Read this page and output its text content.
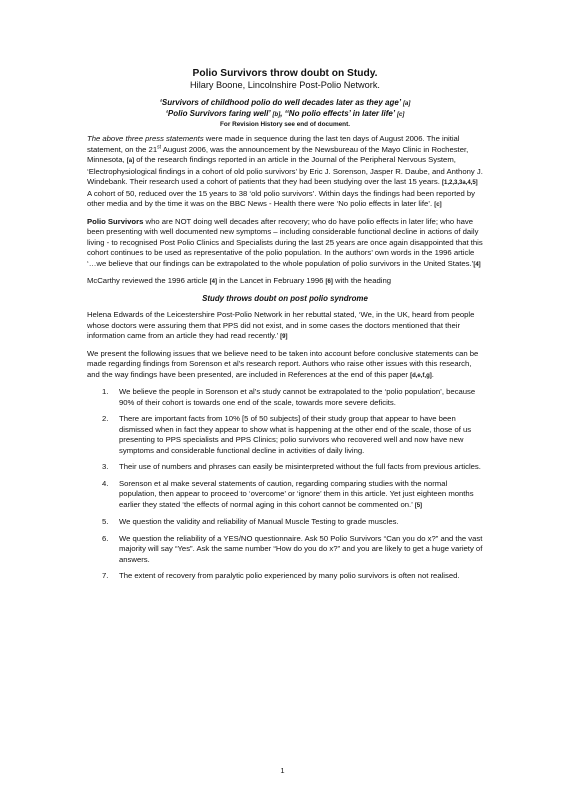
Polio Survivors throw doubt on Study.
Hilary Boone, Lincolnshire Post-Polio Network.
‘Survivors of childhood polio do well decades later as they age’ [a]
‘Polio Survivors faring well’ [b], ‘‘No polio effects’ in later life’ [c]
For Revision History see end of document.

The above three press statements were made in sequence during the last ten days of August 2006. The initial statement, on the 21st August 2006, was the announcement by the Newsbureau of the Mayo Clinic in Rochester, Minnesota, [a] of the research findings reported in an article in the Journal of the Peripheral Nervous System, ‘Electrophysiological findings in a cohort of old polio survivors’ by Eric J. Sorenson, Jasper R. Daube, and Anthony J. Windebank. Their research used a cohort of patients that they had been studying over the last 15 years. [1,2,3,3a,4,5] A cohort of 50, reduced over the 15 years to 38 ‘old polio survivors’. Within days the findings had been reported by other media and by the time it was on the BBC News - Health there were ‘No polio effects in later life’. [c]

Polio Survivors who are NOT doing well decades after recovery; who do have polio effects in later life; who have been presenting with well documented new symptoms – including considerable functional decline in actions of daily living - to recognised Post Polio Clinics and Specialists during the last 25 years are once again disappointed that this cohort continues to be used as representative of the polio population. In the authors’ own words in the 1996 article ‘…we believe that our findings can be extrapolated to the whole population of polio survivors in the United States.’[4]

McCarthy reviewed the 1996 article [4] in the Lancet in February 1996 [6] with the heading

Study throws doubt on post polio syndrome

Helena Edwards of the Leicestershire Post-Polio Network in her rebuttal stated, ‘We, in the UK, heard from people whose doctors were assuring them that PPS did not exist, and in some cases the doctors mentioned that their information came from an article they had read recently.’ [9]

We present the following issues that we believe need to be taken into account before conclusive statements can be made regarding findings from Sorenson et al’s research report. Authors who raise other issues with this research, and the way findings have been presented, are included in References at the end of this paper [d,e,f,g].

1. We believe the people in Sorenson et al’s study cannot be extrapolated to the ‘polio population’, because 90% of their cohort is towards one end of the scale, towards more severe deficits.
2. There are important facts from 10% [5 of 50 subjects] of their study group that appear to have been dismissed when in fact they appear to show what is happening at the other end of the scale, those of us presenting to PPS specialists and PPS Clinics; polio survivors who recovered well and now have new symptoms and considerable functional decline in activities of daily living.
3. Their use of numbers and phrases can easily be misinterpreted without the full facts from previous articles.
4. Sorenson et al make several statements of caution, regarding comparing studies with the normal population, then appear to proceed to ‘overcome’ or ‘ignore’ them in this article. Yet just eighteen months earlier they stated ‘the effects of normal aging in this cohort cannot be commented on.’ [5]
5. We question the validity and reliability of Manual Muscle Testing to grade muscles.
6. We question the reliability of a YES/NO questionnaire. Ask 50 Polio Survivors “Can you do x?” and the vast majority will say “Yes”. Ask the same number “How do you do x?” and you are likely to get a huge variety of answers.
7. The extent of recovery from paralytic polio experienced by many polio survivors is often not realised.
1
